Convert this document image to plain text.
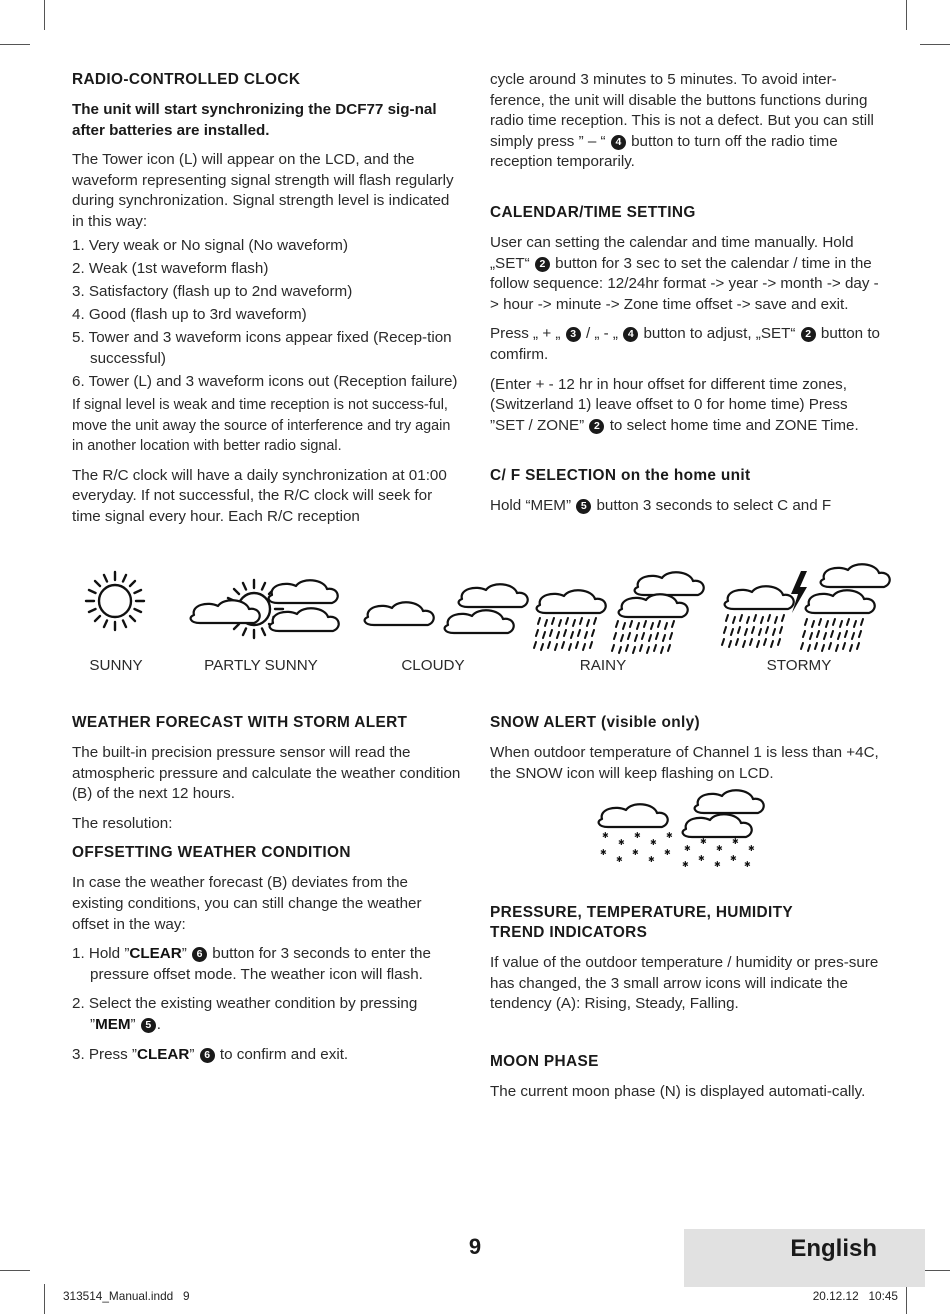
RADIO-CONTROLLED CLOCK

The unit will start synchronizing the DCF77 sig-nal after batteries are installed.

The Tower icon (L) will appear on the LCD, and the waveform representing signal strength will flash regularly during synchronization. Signal strength level is indicated in this way:

1. Very weak or No signal (No waveform)
2. Weak (1st waveform flash)
3. Satisfactory (flash up to 2nd waveform)
4. Good (flash up to 3rd waveform)
5. Tower and 3 waveform icons appear fixed (Recep-tion successful)
6. Tower (L) and 3 waveform icons out (Reception failure)

If signal level is weak and time reception is not success-ful, move the unit away the source of interference and try again in another location with better radio signal.

The R/C clock will have a daily synchronization at 01:00 everyday. If not successful, the R/C clock will seek for time signal every hour. Each R/C reception

cycle around 3 minutes to 5 minutes. To avoid inter-ference, the unit will disable the buttons functions during radio time reception. This is not a defect. But you can still simply press ” – “ 4 button to turn off the radio time reception temporarily.

CALENDAR/TIME SETTING

User can setting the calendar and time manually. Hold „SET“ 2 button for 3 sec to set the calendar / time in the follow sequence: 12/24hr format -> year -> month -> day -> hour -> minute -> Zone time offset -> save and exit.

Press „ + „ 3 / „ - „ 4 button to adjust, „SET“ 2 button to comfirm.

(Enter + - 12 hr in hour offset for different time zones, (Switzerland 1) leave offset to 0 for home time) Press ”SET / ZONE” 2 to select home time and ZONE Time.

C/ F SELECTION on the home unit

Hold “MEM” 5 button 3 seconds to select C and F

SUNNY	PARTLY SUNNY	CLOUDY	RAINY	STORMY
WEATHER FORECAST WITH STORM ALERT

The built-in precision pressure sensor will read the atmospheric pressure and calculate the weather condition (B) of the next 12 hours.

The resolution:

OFFSETTING WEATHER CONDITION

In case the weather forecast (B) deviates from the existing conditions, you can still change the weather offset in the way:

1. Hold ”CLEAR” 6 button for 3 seconds to enter the pressure offset mode. The weather icon will flash.
2. Select the existing weather condition by pressing ”MEM” 5 .
3. Press ”CLEAR” 6 to confirm and exit.
SNOW ALERT (visible only)

When outdoor temperature of Channel 1 is less than +4C, the SNOW icon will keep flashing on LCD.

✱
✱
✱
✱
✱
✱
✱
✱
✱
✱
✱ ✱
✱
✱
✱
✱
✱
✱
✱
✱
✱
PRESSURE, TEMPERATURE, HUMIDITY
TREND INDICATORS

If value of the outdoor temperature / humidity or pres-sure has changed, the 3 small arrow icons will indicate the tendency (A): Rising, Steady, Falling.

MOON PHASE

The current moon phase (N) is displayed automati-cally.

9	English
313514_Manual.indd   9	20.12.12   10:45
